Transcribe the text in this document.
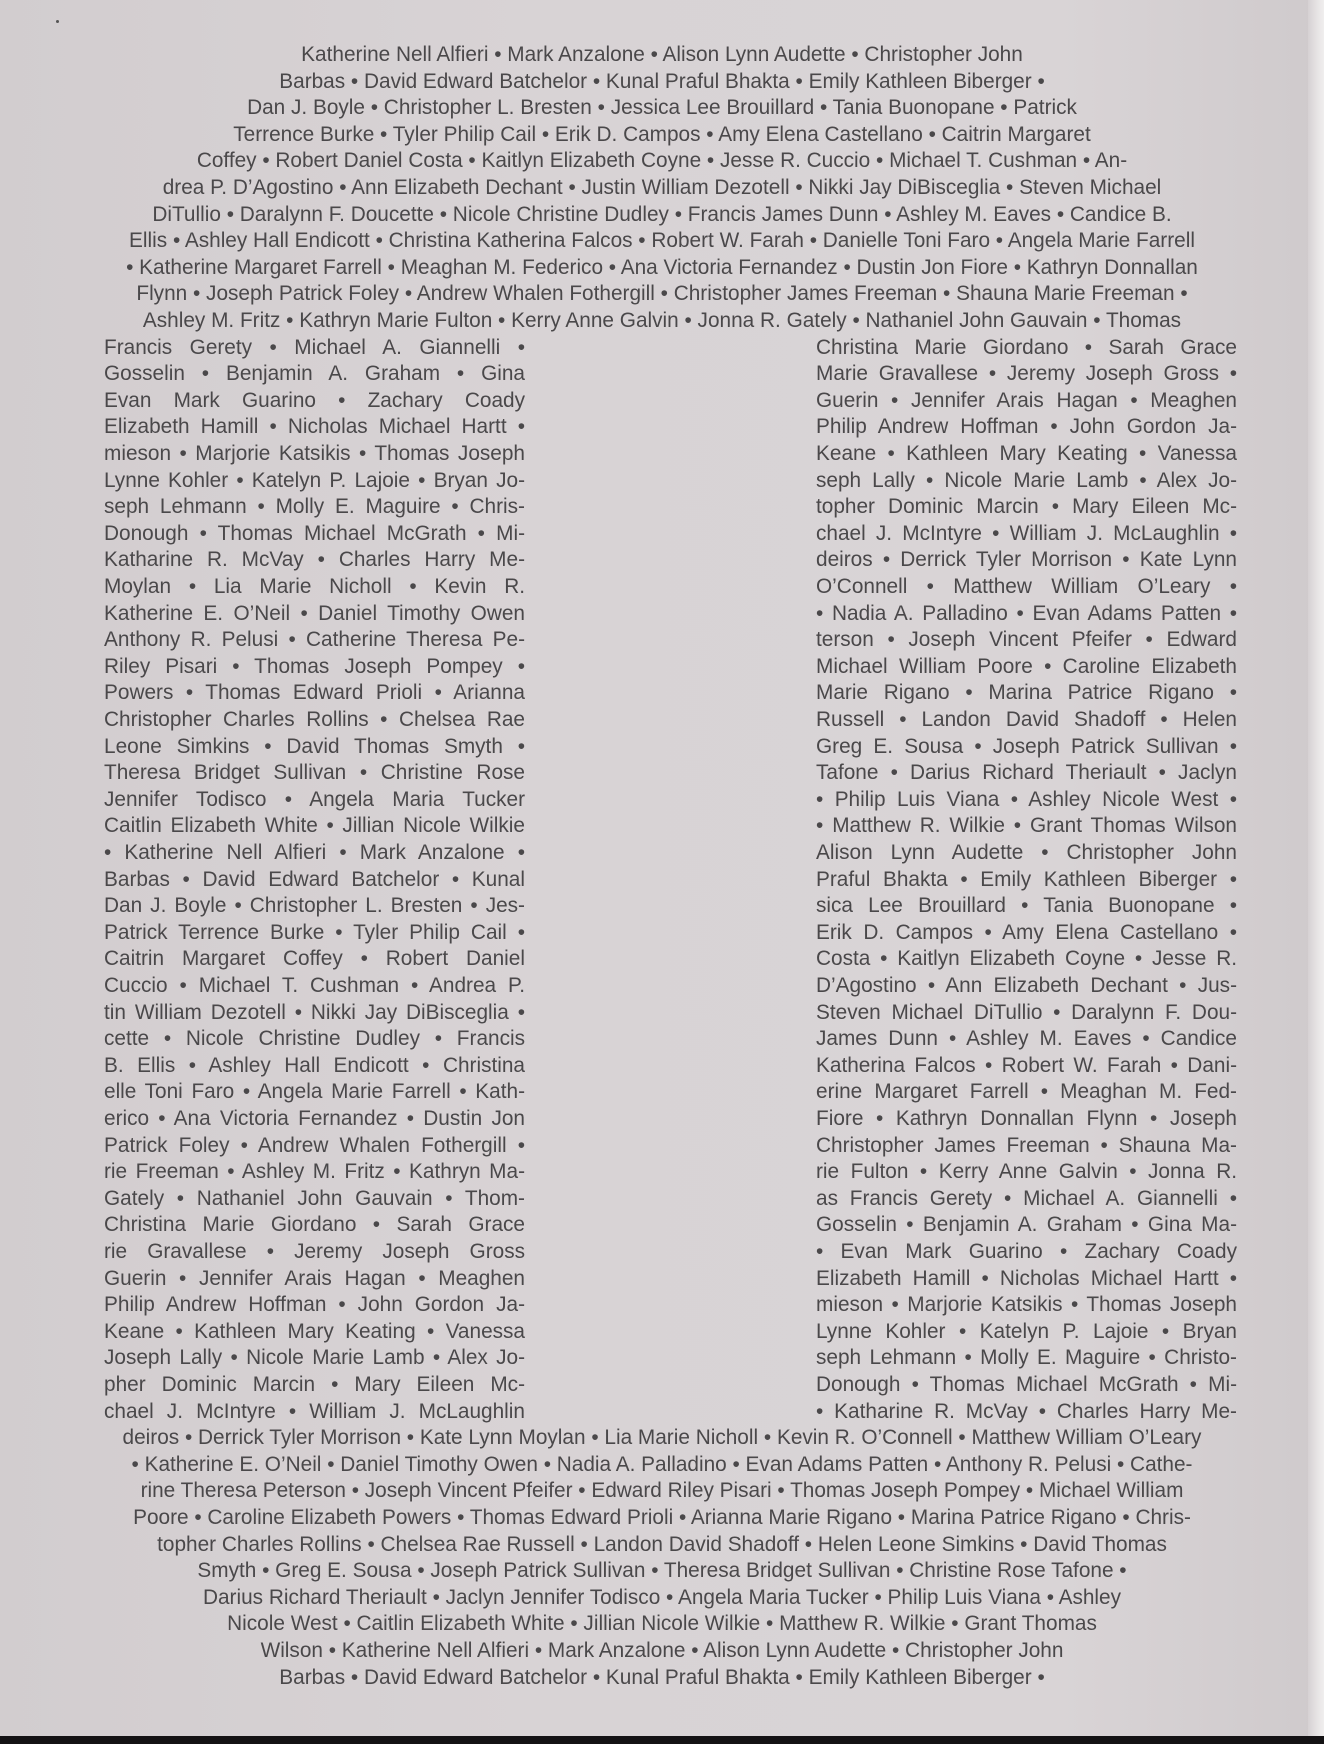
Katherine Nell Alfieri • Mark Anzalone • Alison Lynn Audette • Christopher John
Barbas • David Edward Batchelor • Kunal Praful Bhakta • Emily Kathleen Biberger •
Dan J. Boyle • Christopher L. Bresten • Jessica Lee Brouillard • Tania Buonopane • Patrick
Terrence Burke • Tyler Philip Cail • Erik D. Campos • Amy Elena Castellano • Caitrin Margaret
Coffey • Robert Daniel Costa • Kaitlyn Elizabeth Coyne • Jesse R. Cuccio • Michael T. Cushman • An-
drea P. D’Agostino • Ann Elizabeth Dechant • Justin William Dezotell • Nikki Jay DiBisceglia • Steven Michael
DiTullio • Daralynn F. Doucette • Nicole Christine Dudley • Francis James Dunn • Ashley M. Eaves • Candice B.
Ellis • Ashley Hall Endicott • Christina Katherina Falcos • Robert W. Farah • Danielle Toni Faro • Angela Marie Farrell
• Katherine Margaret Farrell • Meaghan M. Federico • Ana Victoria Fernandez • Dustin Jon Fiore • Kathryn Donnallan
Flynn • Joseph Patrick Foley • Andrew Whalen Fothergill • Christopher James Freeman • Shauna Marie Freeman •
Ashley M. Fritz • Kathryn Marie Fulton • Kerry Anne Galvin • Jonna R. Gately • Nathaniel John Gauvain • Thomas
Francis Gerety • Michael A. Giannelli •
Gosselin • Benjamin A. Graham • Gina
Evan Mark Guarino • Zachary Coady
Elizabeth Hamill • Nicholas Michael Hartt •
mieson • Marjorie Katsikis • Thomas Joseph
Lynne Kohler • Katelyn P. Lajoie • Bryan Jo-
seph Lehmann • Molly E. Maguire • Chris-
Donough • Thomas Michael McGrath • Mi-
Katharine R. McVay • Charles Harry Me-
Moylan • Lia Marie Nicholl • Kevin R.
Katherine E. O’Neil • Daniel Timothy Owen
Anthony R. Pelusi • Catherine Theresa Pe-
Riley Pisari • Thomas Joseph Pompey •
Powers • Thomas Edward Prioli • Arianna
Christopher Charles Rollins • Chelsea Rae
Leone Simkins • David Thomas Smyth •
Theresa Bridget Sullivan • Christine Rose
Jennifer Todisco • Angela Maria Tucker
Caitlin Elizabeth White • Jillian Nicole Wilkie
• Katherine Nell Alfieri • Mark Anzalone •
Barbas • David Edward Batchelor • Kunal
Dan J. Boyle • Christopher L. Bresten • Jes-
Patrick Terrence Burke • Tyler Philip Cail •
Caitrin Margaret Coffey • Robert Daniel
Cuccio • Michael T. Cushman • Andrea P.
tin William Dezotell • Nikki Jay DiBisceglia •
cette • Nicole Christine Dudley • Francis
B. Ellis • Ashley Hall Endicott • Christina
elle Toni Faro • Angela Marie Farrell • Kath-
erico • Ana Victoria Fernandez • Dustin Jon
Patrick Foley • Andrew Whalen Fothergill •
rie Freeman • Ashley M. Fritz • Kathryn Ma-
Gately • Nathaniel John Gauvain • Thom-
Christina Marie Giordano • Sarah Grace
rie Gravallese • Jeremy Joseph Gross
Guerin • Jennifer Arais Hagan • Meaghen
Philip Andrew Hoffman • John Gordon Ja-
Keane • Kathleen Mary Keating • Vanessa
Joseph Lally • Nicole Marie Lamb • Alex Jo-
pher Dominic Marcin • Mary Eileen Mc-
chael J. McIntyre • William J. McLaughlin
Christina Marie Giordano • Sarah Grace
Marie Gravallese • Jeremy Joseph Gross •
Guerin • Jennifer Arais Hagan • Meaghen
Philip Andrew Hoffman • John Gordon Ja-
Keane • Kathleen Mary Keating • Vanessa
seph Lally • Nicole Marie Lamb • Alex Jo-
topher Dominic Marcin • Mary Eileen Mc-
chael J. McIntyre • William J. McLaughlin •
deiros • Derrick Tyler Morrison • Kate Lynn
O’Connell • Matthew William O’Leary •
• Nadia A. Palladino • Evan Adams Patten •
terson • Joseph Vincent Pfeifer • Edward
Michael William Poore • Caroline Elizabeth
Marie Rigano • Marina Patrice Rigano •
Russell • Landon David Shadoff • Helen
Greg E. Sousa • Joseph Patrick Sullivan •
Tafone • Darius Richard Theriault • Jaclyn
• Philip Luis Viana • Ashley Nicole West •
• Matthew R. Wilkie • Grant Thomas Wilson
Alison Lynn Audette • Christopher John
Praful Bhakta • Emily Kathleen Biberger •
sica Lee Brouillard • Tania Buonopane •
Erik D. Campos • Amy Elena Castellano •
Costa • Kaitlyn Elizabeth Coyne • Jesse R.
D’Agostino • Ann Elizabeth Dechant • Jus-
Steven Michael DiTullio • Daralynn F. Dou-
James Dunn • Ashley M. Eaves • Candice
Katherina Falcos • Robert W. Farah • Dani-
erine Margaret Farrell • Meaghan M. Fed-
Fiore • Kathryn Donnallan Flynn • Joseph
Christopher James Freeman • Shauna Ma-
rie Fulton • Kerry Anne Galvin • Jonna R.
as Francis Gerety • Michael A. Giannelli •
Gosselin • Benjamin A. Graham • Gina Ma-
• Evan Mark Guarino • Zachary Coady
Elizabeth Hamill • Nicholas Michael Hartt •
mieson • Marjorie Katsikis • Thomas Joseph
Lynne Kohler • Katelyn P. Lajoie • Bryan
seph Lehmann • Molly E. Maguire • Christo-
Donough • Thomas Michael McGrath • Mi-
• Katharine R. McVay • Charles Harry Me-
deiros • Derrick Tyler Morrison • Kate Lynn Moylan • Lia Marie Nicholl • Kevin R. O’Connell • Matthew William O’Leary
• Katherine E. O’Neil • Daniel Timothy Owen • Nadia A. Palladino • Evan Adams Patten • Anthony R. Pelusi • Cathe-
rine Theresa Peterson • Joseph Vincent Pfeifer • Edward Riley Pisari • Thomas Joseph Pompey • Michael William
Poore • Caroline Elizabeth Powers • Thomas Edward Prioli • Arianna Marie Rigano • Marina Patrice Rigano • Chris-
topher Charles Rollins • Chelsea Rae Russell • Landon David Shadoff • Helen Leone Simkins • David Thomas
Smyth • Greg E. Sousa • Joseph Patrick Sullivan • Theresa Bridget Sullivan • Christine Rose Tafone •
Darius Richard Theriault • Jaclyn Jennifer Todisco • Angela Maria Tucker • Philip Luis Viana • Ashley
Nicole West • Caitlin Elizabeth White • Jillian Nicole Wilkie • Matthew R. Wilkie • Grant Thomas
Wilson • Katherine Nell Alfieri • Mark Anzalone • Alison Lynn Audette • Christopher John
Barbas • David Edward Batchelor • Kunal Praful Bhakta • Emily Kathleen Biberger •
